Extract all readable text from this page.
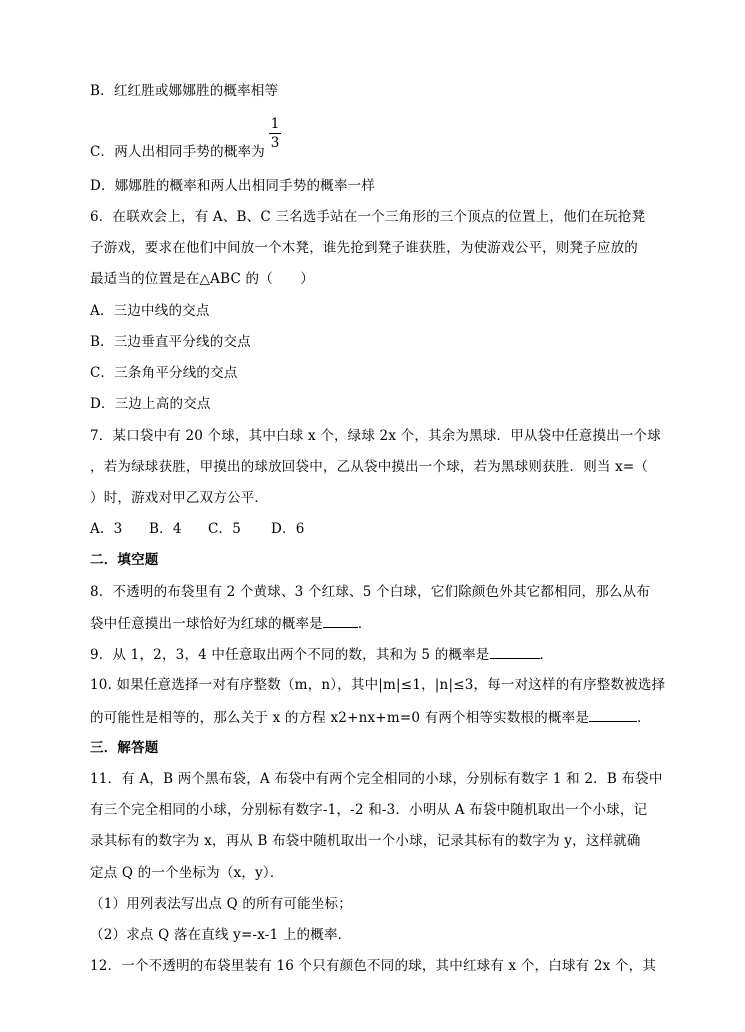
B．红红胜或娜娜胜的概率相等
1
3
C．两人出相同手势的概率为
D．娜娜胜的概率和两人出相同手势的概率一样
6．在联欢会上，有 A、B、C 三名选手站在一个三角形的三个顶点的位置上，他们在玩抢凳
子游戏，要求在他们中间放一个木凳，谁先抢到凳子谁获胜，为使游戏公平，则凳子应放的
最适当的位置是在△ABC 的（　　）
A．三边中线的交点
B．三边垂直平分线的交点
C．三条角平分线的交点
D．三边上高的交点
7．某口袋中有 20 个球，其中白球 x 个，绿球 2x 个，其余为黑球．甲从袋中任意摸出一个球
，若为绿球获胜，甲摸出的球放回袋中，乙从袋中摸出一个球，若为黑球则获胜．则当 x=（
）时，游戏对甲乙双方公平．
A．3 B．4 C．5 D．6
二．填空题
8．不透明的布袋里有 2 个黄球、3 个红球、5 个白球，它们除颜色外其它都相同，那么从布
袋中任意摸出一球恰好为红球的概率是	．
9．从 1，2，3，4 中任意取出两个不同的数，其和为 5 的概率是	．
10. 如果任意选择一对有序整数（m，n），其中|m|≤1，|n|≤3，每一对这样的有序整数被选择
的可能性是相等的，那么关于 x 的方程 x2+nx+m=0 有两个相等实数根的概率是	．
三．解答题
11．有 A，B 两个黑布袋，A 布袋中有两个完全相同的小球，分别标有数字 1 和 2．B 布袋中
有三个完全相同的小球，分别标有数字-1，-2 和-3．小明从 A 布袋中随机取出一个小球，记
录其标有的数字为 x，再从 B 布袋中随机取出一个小球，记录其标有的数字为 y，这样就确
定点 Q 的一个坐标为（x，y）．
（1）用列表法写出点 Q 的所有可能坐标；
（2）求点 Q 落在直线 y=-x-1 上的概率．
12．一个不透明的布袋里装有 16 个只有颜色不同的球，其中红球有 x 个，白球有 2x 个，其
